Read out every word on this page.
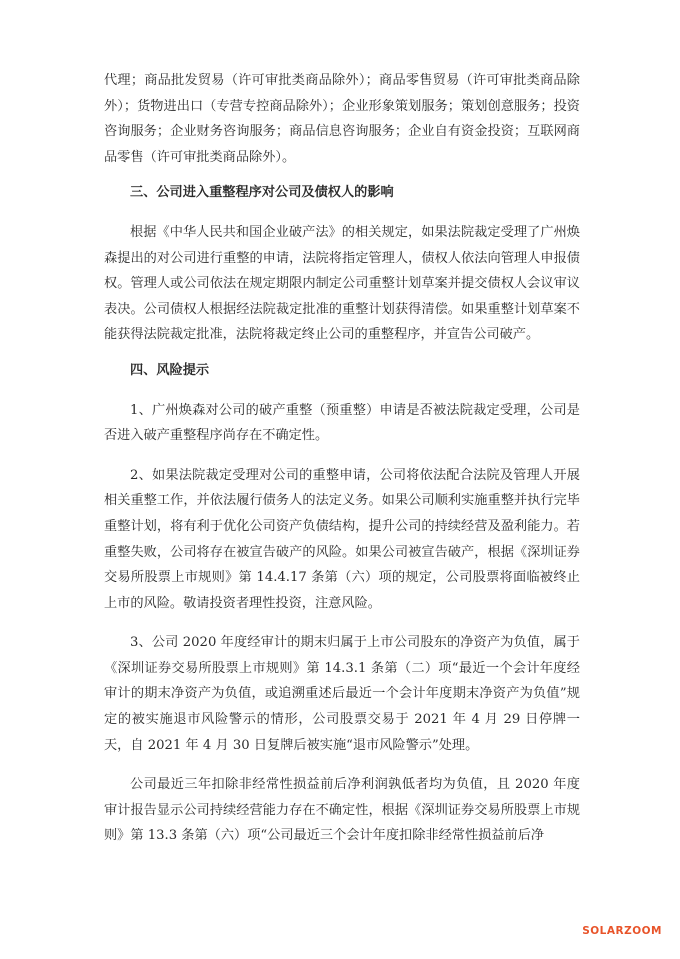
代理；商品批发贸易（许可审批类商品除外）；商品零售贸易（许可审批类商品除外）；货物进出口（专营专控商品除外）；企业形象策划服务；策划创意服务；投资咨询服务；企业财务咨询服务；商品信息咨询服务；企业自有资金投资；互联网商品零售（许可审批类商品除外）。

三、公司进入重整程序对公司及债权人的影响

根据《中华人民共和国企业破产法》的相关规定，如果法院裁定受理了广州焕森提出的对公司进行重整的申请，法院将指定管理人，债权人依法向管理人申报债权。管理人或公司依法在规定期限内制定公司重整计划草案并提交债权人会议审议表决。公司债权人根据经法院裁定批准的重整计划获得清偿。如果重整计划草案不能获得法院裁定批准，法院将裁定终止公司的重整程序，并宣告公司破产。

四、风险提示

1、广州焕森对公司的破产重整（预重整）申请是否被法院裁定受理，公司是否进入破产重整程序尚存在不确定性。

2、如果法院裁定受理对公司的重整申请，公司将依法配合法院及管理人开展相关重整工作，并依法履行债务人的法定义务。如果公司顺利实施重整并执行完毕重整计划，将有利于优化公司资产负债结构，提升公司的持续经营及盈利能力。若重整失败，公司将存在被宣告破产的风险。如果公司被宣告破产，根据《深圳证券交易所股票上市规则》第 14.4.17 条第（六）项的规定，公司股票将面临被终止上市的风险。敬请投资者理性投资，注意风险。

3、公司 2020 年度经审计的期末归属于上市公司股东的净资产为负值，属于《深圳证券交易所股票上市规则》第 14.3.1 条第（二）项“最近一个会计年度经审计的期末净资产为负值，或追溯重述后最近一个会计年度期末净资产为负值”规定的被实施退市风险警示的情形，公司股票交易于 2021 年 4 月 29 日停牌一天，自 2021 年 4 月 30 日复牌后被实施“退市风险警示”处理。

公司最近三年扣除非经常性损益前后净利润孰低者均为负值，且 2020 年度审计报告显示公司持续经营能力存在不确定性，根据《深圳证券交易所股票上市规则》第 13.3 条第（六）项“公司最近三个会计年度扣除非经常性损益前后净

SOLARZOOM
